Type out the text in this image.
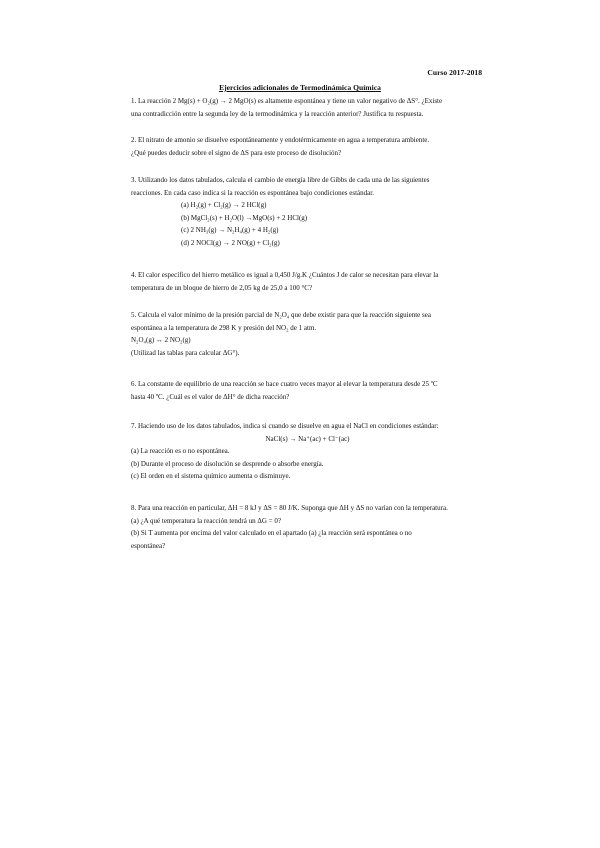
Curso 2017-2018
Ejercicios adicionales de Termodinámica Química

1. La reacción 2 Mg(s) + O₂(g) → 2 MgO(s) es altamente espontánea y tiene un valor negativo de ΔS°. ¿Existe

una contradicción entre la segunda ley de la termodinámica y la reacción anterior? Justifica tu respuesta.

2. El nitrato de amonio se disuelve espontáneamente y endotérmicamente en agua a temperatura ambiente.

¿Qué puedes deducir sobre el signo de ΔS para este proceso de disolución?

3. Utilizando los datos tabulados, calcula el cambio de energía libre de Gibbs de cada una de las siguientes

reacciones. En cada caso indica si la reacción es espontánea bajo condiciones estándar.

(a) H₂(g) + Cl₂(g) → 2 HCl(g)

(b) MgCl₂(s) + H₂O(l) →MgO(s) + 2 HCl(g)

(c) 2 NH₃(g) → N₂H₄(g) + 4 H₂(g)

(d) 2 NOCl(g) → 2 NO(g) + Cl₂(g)

4. El calor específico del hierro metálico es igual a 0,450 J/g.K ¿Cuántos J de calor se necesitan para elevar la

temperatura de un bloque de hierro de 2,05 kg de 25,0 a 100 °C?

5. Calcula el valor mínimo de la presión parcial de N₂O₄ que debe existir para que la reacción siguiente sea

espontánea a la temperatura de 298 K y presión del NO₂ de 1 atm.

N₂O₄(g) ↔ 2 NO₂(g)

(Utilizad las tablas para calcular ΔG°).

6. La constante de equilibrio de una reacción se hace cuatro veces mayor al elevar la temperatura desde 25 ºC

hasta 40 ºC. ¿Cuál es el valor de ΔH° de dicha reacción?

7. Haciendo uso de los datos tabulados, indica si cuando se disuelve en agua el NaCl en condiciones estándar:

NaCl(s) → Na⁺(ac) + Cl⁻(ac)

(a) La reacción es o no espontánea.

(b) Durante el proceso de disolución se desprende o absorbe energía.

(c) El orden en el sistema químico aumenta o disminuye.

8. Para una reacción en particular, ΔH = 8 kJ y ΔS = 80 J/K. Suponga que ΔH y ΔS no varían con la temperatura.

(a) ¿A qué temperatura la reacción tendrá un ΔG = 0?

(b) Si T aumenta por encima del valor calculado en el apartado (a) ¿la reacción será espontánea o no

espontánea?
